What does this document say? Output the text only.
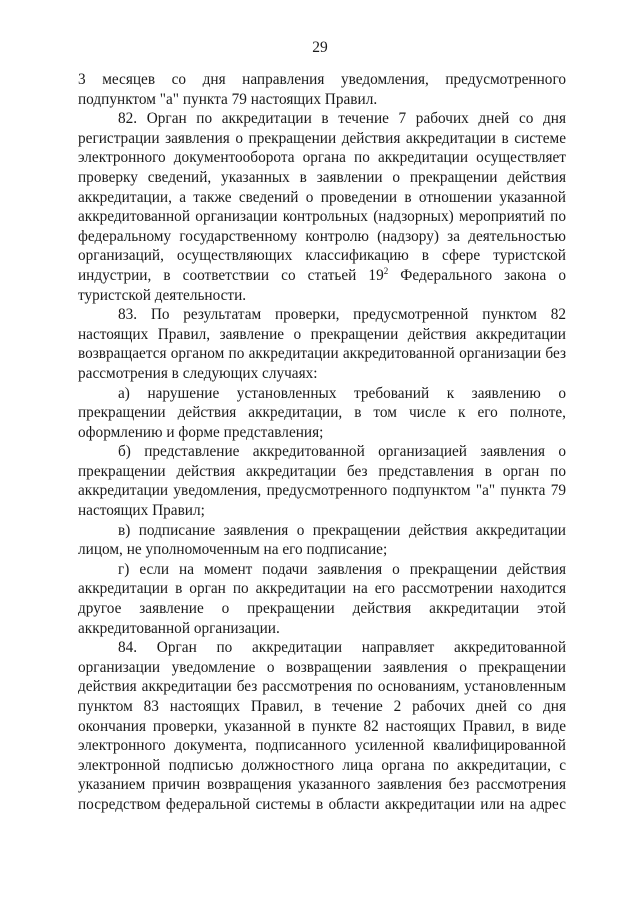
29

3 месяцев со дня направления уведомления, предусмотренного подпунктом "а" пункта 79 настоящих Правил.

82. Орган по аккредитации в течение 7 рабочих дней со дня регистрации заявления о прекращении действия аккредитации в системе электронного документооборота органа по аккредитации осуществляет проверку сведений, указанных в заявлении о прекращении действия аккредитации, а также сведений о проведении в отношении указанной аккредитованной организации контрольных (надзорных) мероприятий по федеральному государственному контролю (надзору) за деятельностью организаций, осуществляющих классификацию в сфере туристской индустрии, в соответствии со статьей $19^2$ Федерального закона о туристской деятельности.

83. По результатам проверки, предусмотренной пунктом 82 настоящих Правил, заявление о прекращении действия аккредитации возвращается органом по аккредитации аккредитованной организации без рассмотрения в следующих случаях:

а) нарушение установленных требований к заявлению о прекращении действия аккредитации, в том числе к его полноте, оформлению и форме представления;

б) представление аккредитованной организацией заявления о прекращении действия аккредитации без представления в орган по аккредитации уведомления, предусмотренного подпунктом "а" пункта 79 настоящих Правил;

в) подписание заявления о прекращении действия аккредитации лицом, не уполномоченным на его подписание;

г) если на момент подачи заявления о прекращении действия аккредитации в орган по аккредитации на его рассмотрении находится другое заявление о прекращении действия аккредитации этой аккредитованной организации.

84. Орган по аккредитации направляет аккредитованной организации уведомление о возвращении заявления о прекращении действия аккредитации без рассмотрения по основаниям, установленным пунктом 83 настоящих Правил, в течение 2 рабочих дней со дня окончания проверки, указанной в пункте 82 настоящих Правил, в виде электронного документа, подписанного усиленной квалифицированной электронной подписью должностного лица органа по аккредитации, с указанием причин возвращения указанного заявления без рассмотрения посредством федеральной системы в области аккредитации или на адрес
